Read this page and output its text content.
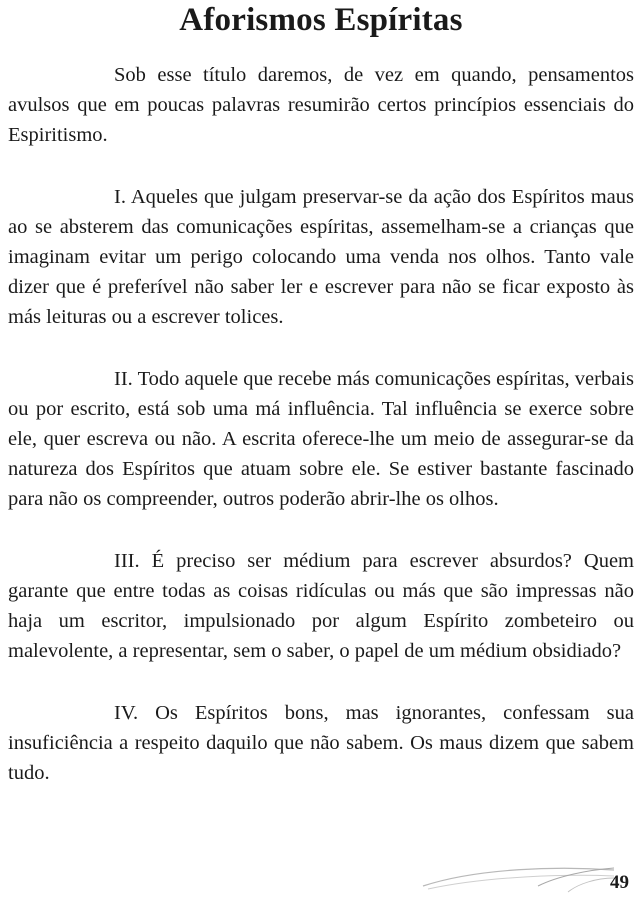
Aforismos Espíritas

Sob esse título daremos, de vez em quando, pensamentos avulsos que em poucas palavras resumirão certos princípios essenciais do Espiritismo.

I. Aqueles que julgam preservar-se da ação dos Espíritos maus ao se absterem das comunicações espíritas, assemelham-se a crianças que imaginam evitar um perigo colocando uma venda nos olhos. Tanto vale dizer que é preferível não saber ler e escrever para não se ficar exposto às más leituras ou a escrever tolices.

II. Todo aquele que recebe más comunicações espíritas, verbais ou por escrito, está sob uma má influência. Tal influência se exerce sobre ele, quer escreva ou não. A escrita oferece-lhe um meio de assegurar-se da natureza dos Espíritos que atuam sobre ele. Se estiver bastante fascinado para não os compreender, outros poderão abrir-lhe os olhos.

III. É preciso ser médium para escrever absurdos? Quem garante que entre todas as coisas ridículas ou más que são impressas não haja um escritor, impulsionado por algum Espírito zombeteiro ou malevolente, a representar, sem o saber, o papel de um médium obsidiado?

IV. Os Espíritos bons, mas ignorantes, confessam sua insuficiência a respeito daquilo que não sabem. Os maus dizem que sabem tudo.

49
